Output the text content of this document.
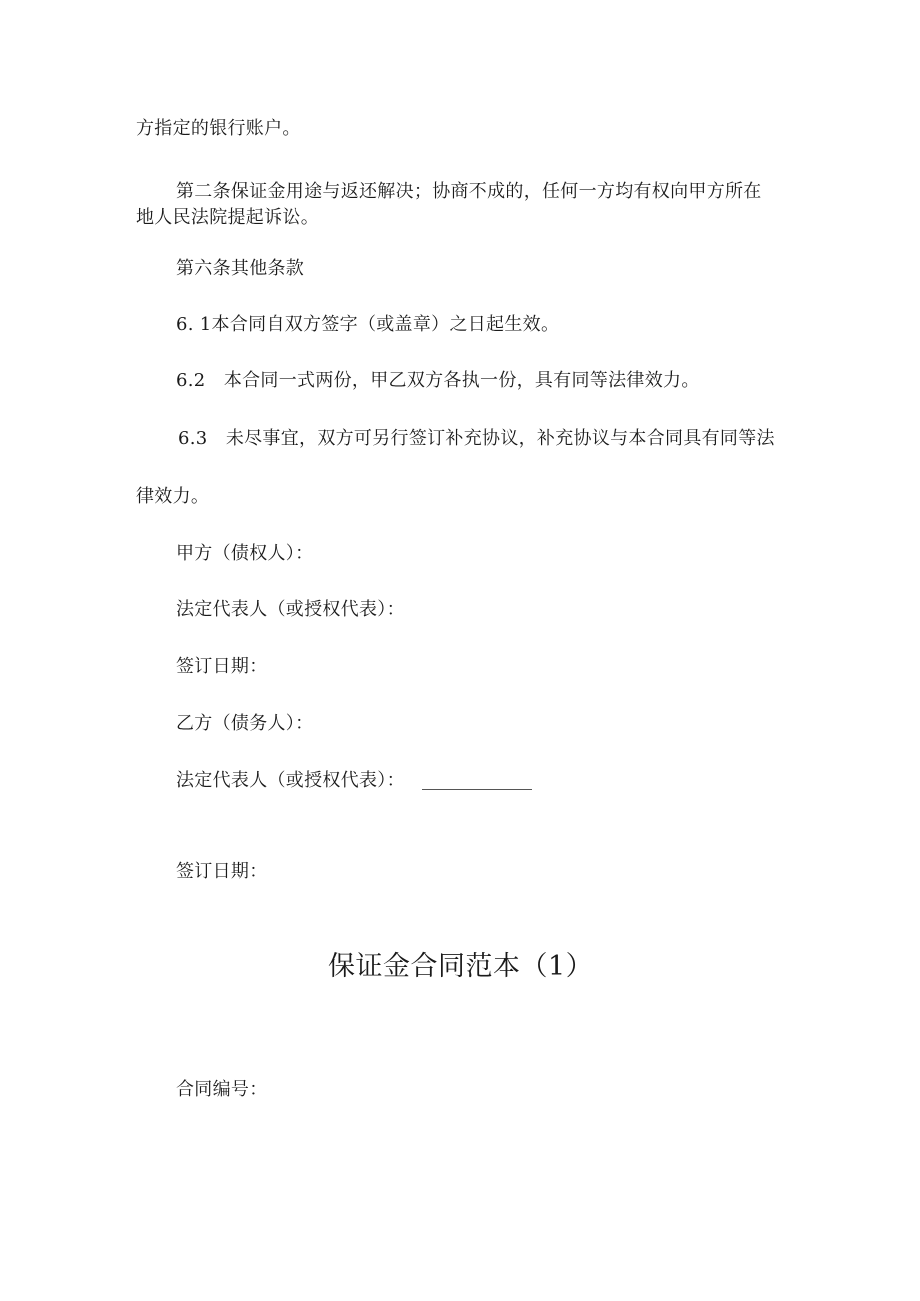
方指定的银行账户。
第二条保证金用途与返还解决；协商不成的，任何一方均有权向甲方所在
地人民法院提起诉讼。
第六条其他条款
6. 1本合同自双方签字（或盖章）之日起生效。
6.2　本合同一式两份，甲乙双方各执一份，具有同等法律效力。
6.3　未尽事宜，双方可另行签订补充协议，补充协议与本合同具有同等法
律效力。
甲方（债权人）：
法定代表人（或授权代表）：
签订日期：
乙方（债务人）：
法定代表人（或授权代表）：
签订日期：
保证金合同范本（1）
合同编号：
